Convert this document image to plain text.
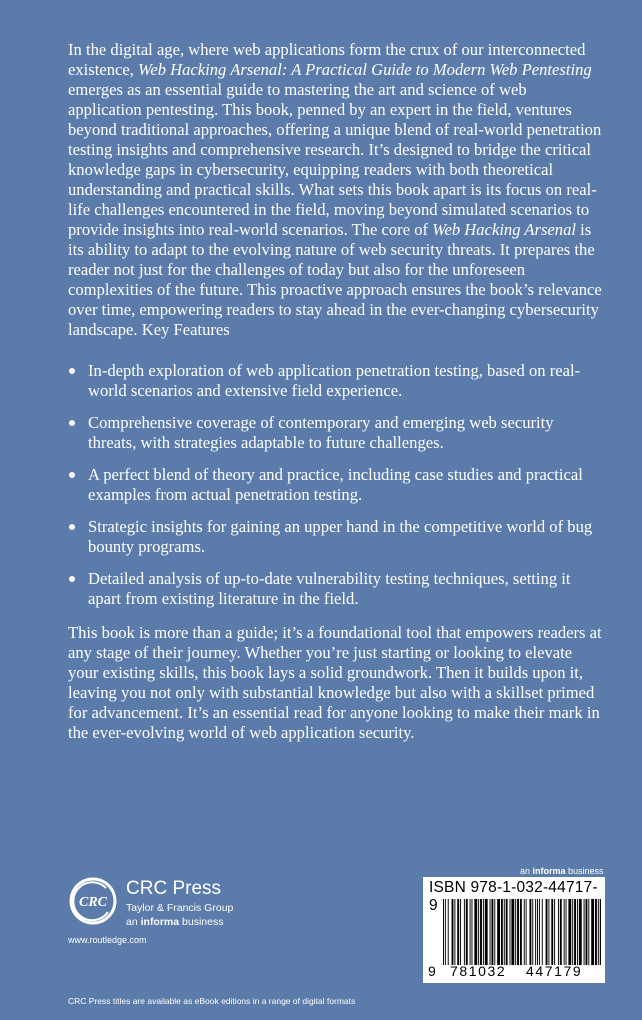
In the digital age, where web applications form the crux of our interconnected existence, Web Hacking Arsenal: A Practical Guide to Modern Web Pentesting emerges as an essential guide to mastering the art and science of web application pentesting. This book, penned by an expert in the field, ventures beyond traditional approaches, offering a unique blend of real-world penetration testing insights and comprehensive research. It’s designed to bridge the critical knowledge gaps in cybersecurity, equipping readers with both theoretical understanding and practical skills. What sets this book apart is its focus on real-life challenges encountered in the field, moving beyond simulated scenarios to provide insights into real-world scenarios. The core of Web Hacking Arsenal is its ability to adapt to the evolving nature of web security threats. It prepares the reader not just for the challenges of today but also for the unforeseen complexities of the future. This proactive approach ensures the book’s relevance over time, empowering readers to stay ahead in the ever-changing cybersecurity landscape. Key Features

In-depth exploration of web application penetration testing, based on real-world scenarios and extensive field experience.
Comprehensive coverage of contemporary and emerging web security threats, with strategies adaptable to future challenges.
A perfect blend of theory and practice, including case studies and practical examples from actual penetration testing.
Strategic insights for gaining an upper hand in the competitive world of bug bounty programs.
Detailed analysis of up-to-date vulnerability testing techniques, setting it apart from existing literature in the field.

This book is more than a guide; it’s a foundational tool that empowers readers at any stage of their journey. Whether you’re just starting or looking to elevate your existing skills, this book lays a solid groundwork. Then it builds upon it, leaving you not only with substantial knowledge but also with a skillset primed for advancement. It’s an essential read for anyone looking to make their mark in the ever-evolving world of web application security.

an informa business
CRC
CRC Press
Taylor & Francis Group
an informa business
www.routledge.com
CRC Press titles are available as eBook editions in a range of digital formats
ISBN 978-1-032-44717-9
9 781032 447179
